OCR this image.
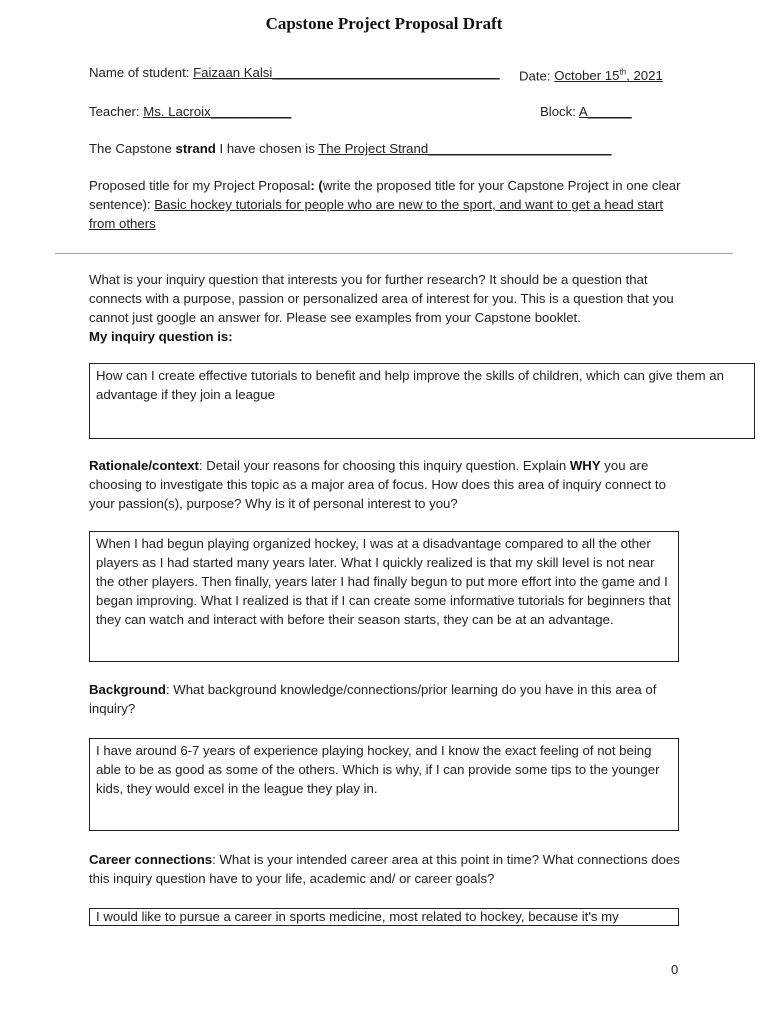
Capstone Project Proposal Draft
Name of student: Faizaan Kalsi_______________________________ Date: October 15th, 2021
Teacher: Ms. Lacroix___________	Block: A______
The Capstone strand I have chosen is The Project Strand_________________________
Proposed title for my Project Proposal: (write the proposed title for your Capstone Project in one clear sentence): Basic hockey tutorials for people who are new to the sport, and want to get a head start from others
What is your inquiry question that interests you for further research? It should be a question that connects with a purpose, passion or personalized area of interest for you. This is a question that you cannot just google an answer for. Please see examples from your Capstone booklet.
My inquiry question is:
How can I create effective tutorials to benefit and help improve the skills of children, which can give them an advantage if they join a league
Rationale/context: Detail your reasons for choosing this inquiry question. Explain WHY you are choosing to investigate this topic as a major area of focus. How does this area of inquiry connect to your passion(s), purpose? Why is it of personal interest to you?
When I had begun playing organized hockey, I was at a disadvantage compared to all the other players as I had started many years later. What I quickly realized is that my skill level is not near the other players. Then finally, years later I had finally begun to put more effort into the game and I began improving. What I realized is that if I can create some informative tutorials for beginners that they can watch and interact with before their season starts, they can be at an advantage.
Background: What background knowledge/connections/prior learning do you have in this area of inquiry?
I have around 6-7 years of experience playing hockey, and I know the exact feeling of not being able to be as good as some of the others. Which is why, if I can provide some tips to the younger kids, they would excel in the league they play in.
Career connections: What is your intended career area at this point in time? What connections does this inquiry question have to your life, academic and/ or career goals?
I would like to pursue a career in sports medicine, most related to hockey, because it's my
0
